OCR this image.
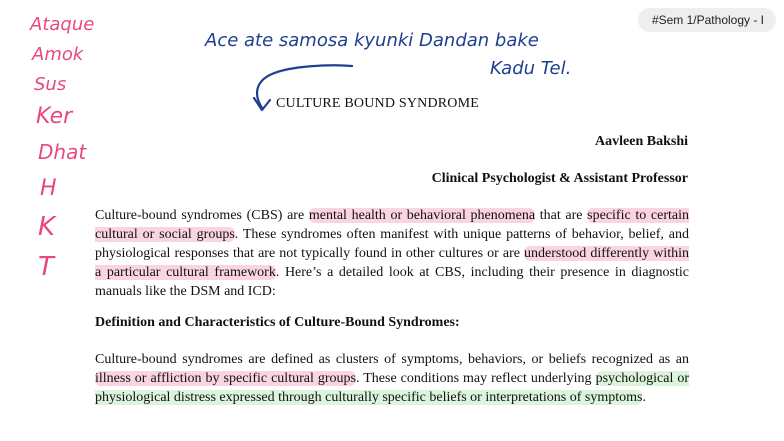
#Sem 1/Pathology - I
Ataque
Amok
Sus
Ker
Dhat
H
K
T
Ace ate samosa kyunki Dandan bake
Kadu Tel.
CULTURE BOUND SYNDROME
Aavleen Bakshi
Clinical Psychologist & Assistant Professor
Culture-bound syndromes (CBS) are mental health or behavioral phenomena that are specific to certain cultural or social groups. These syndromes often manifest with unique patterns of behavior, belief, and physiological responses that are not typically found in other cultures or are understood differently within a particular cultural framework. Here’s a detailed look at CBS, including their presence in diagnostic manuals like the DSM and ICD:
Definition and Characteristics of Culture-Bound Syndromes:
Culture-bound syndromes are defined as clusters of symptoms, behaviors, or beliefs recognized as an illness or affliction by specific cultural groups. These conditions may reflect underlying psychological or physiological distress expressed through culturally specific beliefs or interpretations of symptoms.
